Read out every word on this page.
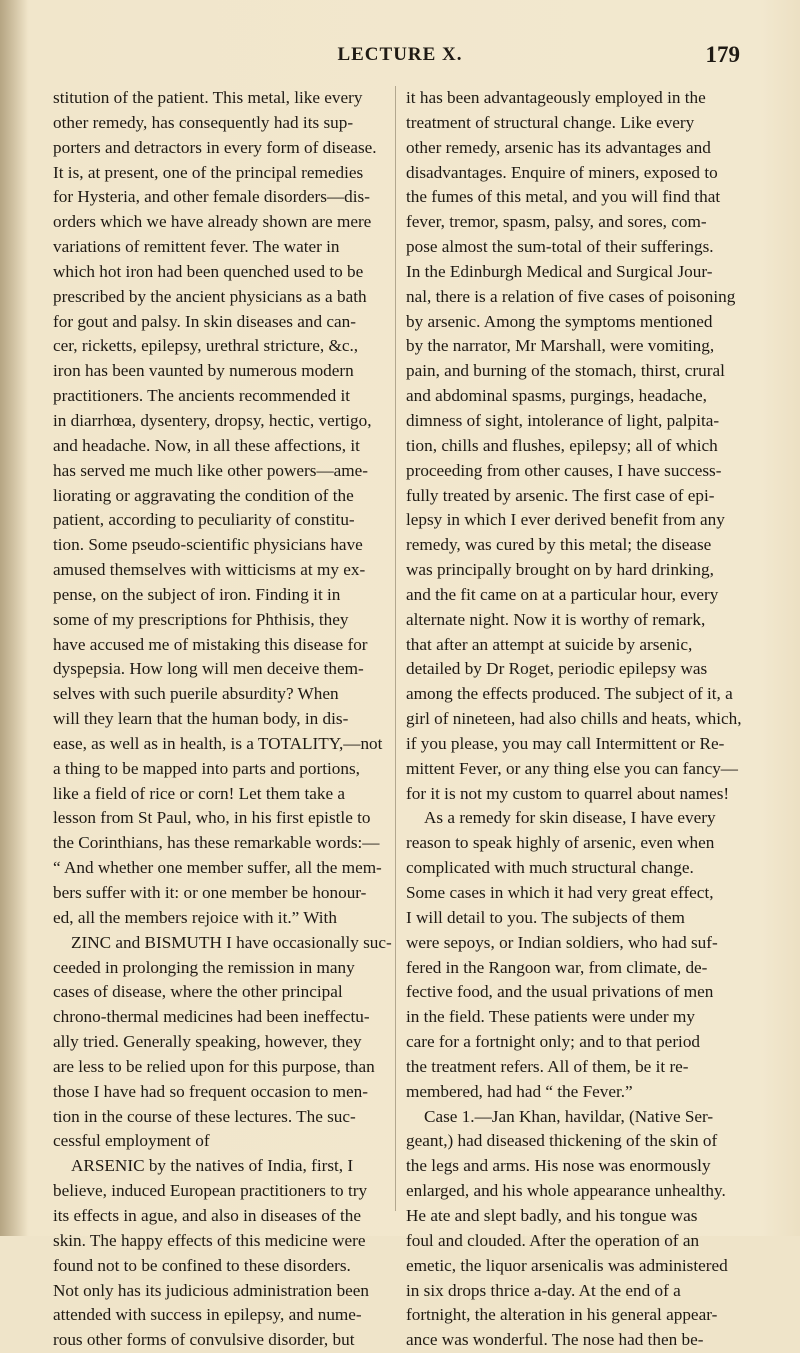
LECTURE X.	179
stitution of the patient. This metal, like every
other remedy, has consequently had its sup-
porters and detractors in every form of disease.
It is, at present, one of the principal remedies
for Hysteria, and other female disorders—dis-
orders which we have already shown are mere
variations of remittent fever. The water in
which hot iron had been quenched used to be
prescribed by the ancient physicians as a bath
for gout and palsy. In skin diseases and can-
cer, ricketts, epilepsy, urethral stricture, &c.,
iron has been vaunted by numerous modern
practitioners. The ancients recommended it
in diarrhœa, dysentery, dropsy, hectic, vertigo,
and headache. Now, in all these affections, it
has served me much like other powers—ame-
liorating or aggravating the condition of the
patient, according to peculiarity of constitu-
tion. Some pseudo-scientific physicians have
amused themselves with witticisms at my ex-
pense, on the subject of iron. Finding it in
some of my prescriptions for Phthisis, they
have accused me of mistaking this disease for
dyspepsia. How long will men deceive them-
selves with such puerile absurdity? When
will they learn that the human body, in dis-
ease, as well as in health, is a TOTALITY,—not
a thing to be mapped into parts and portions,
like a field of rice or corn! Let them take a
lesson from St Paul, who, in his first epistle to
the Corinthians, has these remarkable words:—
“ And whether one member suffer, all the mem-
bers suffer with it: or one member be honour-
ed, all the members rejoice with it.” With
ZINC and BISMUTH I have occasionally suc-
ceeded in prolonging the remission in many
cases of disease, where the other principal
chrono-thermal medicines had been ineffectu-
ally tried. Generally speaking, however, they
are less to be relied upon for this purpose, than
those I have had so frequent occasion to men-
tion in the course of these lectures. The suc-
cessful employment of
ARSENIC by the natives of India, first, I
believe, induced European practitioners to try
its effects in ague, and also in diseases of the
skin. The happy effects of this medicine were
found not to be confined to these disorders.
Not only has its judicious administration been
attended with success in epilepsy, and nume-
rous other forms of convulsive disorder, but
it has been advantageously employed in the
treatment of structural change. Like every
other remedy, arsenic has its advantages and
disadvantages. Enquire of miners, exposed to
the fumes of this metal, and you will find that
fever, tremor, spasm, palsy, and sores, com-
pose almost the sum-total of their sufferings.
In the Edinburgh Medical and Surgical Jour-
nal, there is a relation of five cases of poisoning
by arsenic. Among the symptoms mentioned
by the narrator, Mr Marshall, were vomiting,
pain, and burning of the stomach, thirst, crural
and abdominal spasms, purgings, headache,
dimness of sight, intolerance of light, palpita-
tion, chills and flushes, epilepsy; all of which
proceeding from other causes, I have success-
fully treated by arsenic. The first case of epi-
lepsy in which I ever derived benefit from any
remedy, was cured by this metal; the disease
was principally brought on by hard drinking,
and the fit came on at a particular hour, every
alternate night. Now it is worthy of remark,
that after an attempt at suicide by arsenic,
detailed by Dr Roget, periodic epilepsy was
among the effects produced. The subject of it, a
girl of nineteen, had also chills and heats, which,
if you please, you may call Intermittent or Re-
mittent Fever, or any thing else you can fancy—
for it is not my custom to quarrel about names!
As a remedy for skin disease, I have every
reason to speak highly of arsenic, even when
complicated with much structural change.
Some cases in which it had very great effect,
I will detail to you. The subjects of them
were sepoys, or Indian soldiers, who had suf-
fered in the Rangoon war, from climate, de-
fective food, and the usual privations of men
in the field. These patients were under my
care for a fortnight only; and to that period
the treatment refers. All of them, be it re-
membered, had had “ the Fever.”
Case 1.—Jan Khan, havildar, (Native Ser-
geant,) had diseased thickening of the skin of
the legs and arms. His nose was enormously
enlarged, and his whole appearance unhealthy.
He ate and slept badly, and his tongue was
foul and clouded. After the operation of an
emetic, the liquor arsenicalis was administered
in six drops thrice a-day. At the end of a
fortnight, the alteration in his general appear-
ance was wonderful. The nose had then be-
